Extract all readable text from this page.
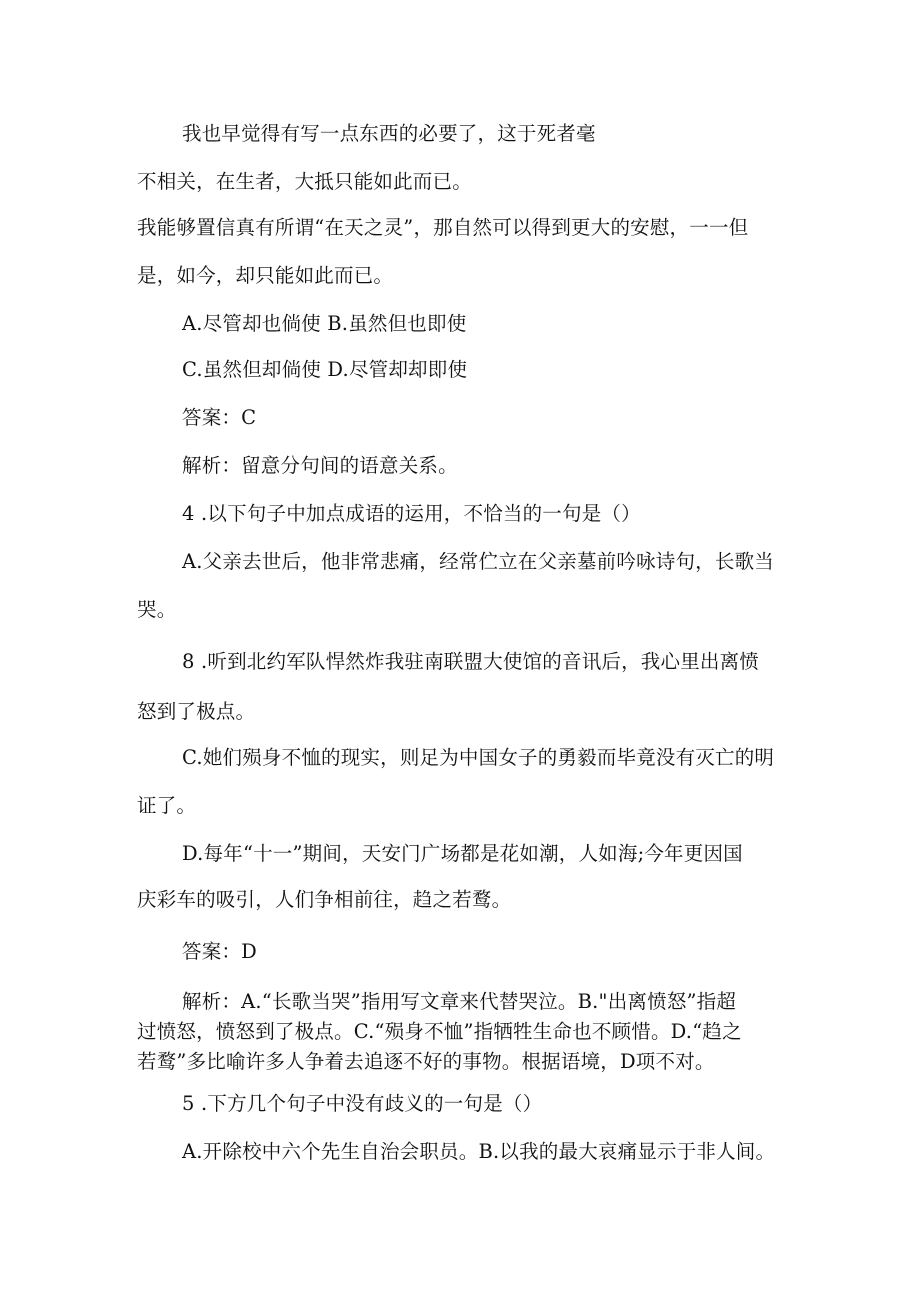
我也早觉得有写一点东西的必要了，这于死者毫
不相关，在生者，大抵只能如此而已。
我能够置信真有所谓“在天之灵”，那自然可以得到更大的安慰，一一但
是，如今，却只能如此而已。
A.尽管却也倘使 B.虽然但也即使
C.虽然但却倘使 D.尽管却却即使
答案：C
解析：留意分句间的语意关系。
4 .以下句子中加点成语的运用，不恰当的一句是（）
A.父亲去世后，他非常悲痛，经常伫立在父亲墓前吟咏诗句，长歌当
哭。
8 .听到北约军队悍然炸我驻南联盟大使馆的音讯后，我心里出离愤
怒到了极点。
C.她们殒身不恤的现实，则足为中国女子的勇毅而毕竟没有灭亡的明
证了。
D.每年“十一”期间，天安门广场都是花如潮，人如海;今年更因国
庆彩车的吸引，人们争相前往，趋之若鹜。
答案：D
解析：A.“长歌当哭”指用写文章来代替哭泣。B."出离愤怒”指超
过愤怒，愤怒到了极点。C.“殒身不恤”指牺牲生命也不顾惜。D.“趋之
若鹜”多比喻许多人争着去追逐不好的事物。根据语境，D项不对。
5 .下方几个句子中没有歧义的一句是（）
A.开除校中六个先生自治会职员。B.以我的最大哀痛显示于非人间。
